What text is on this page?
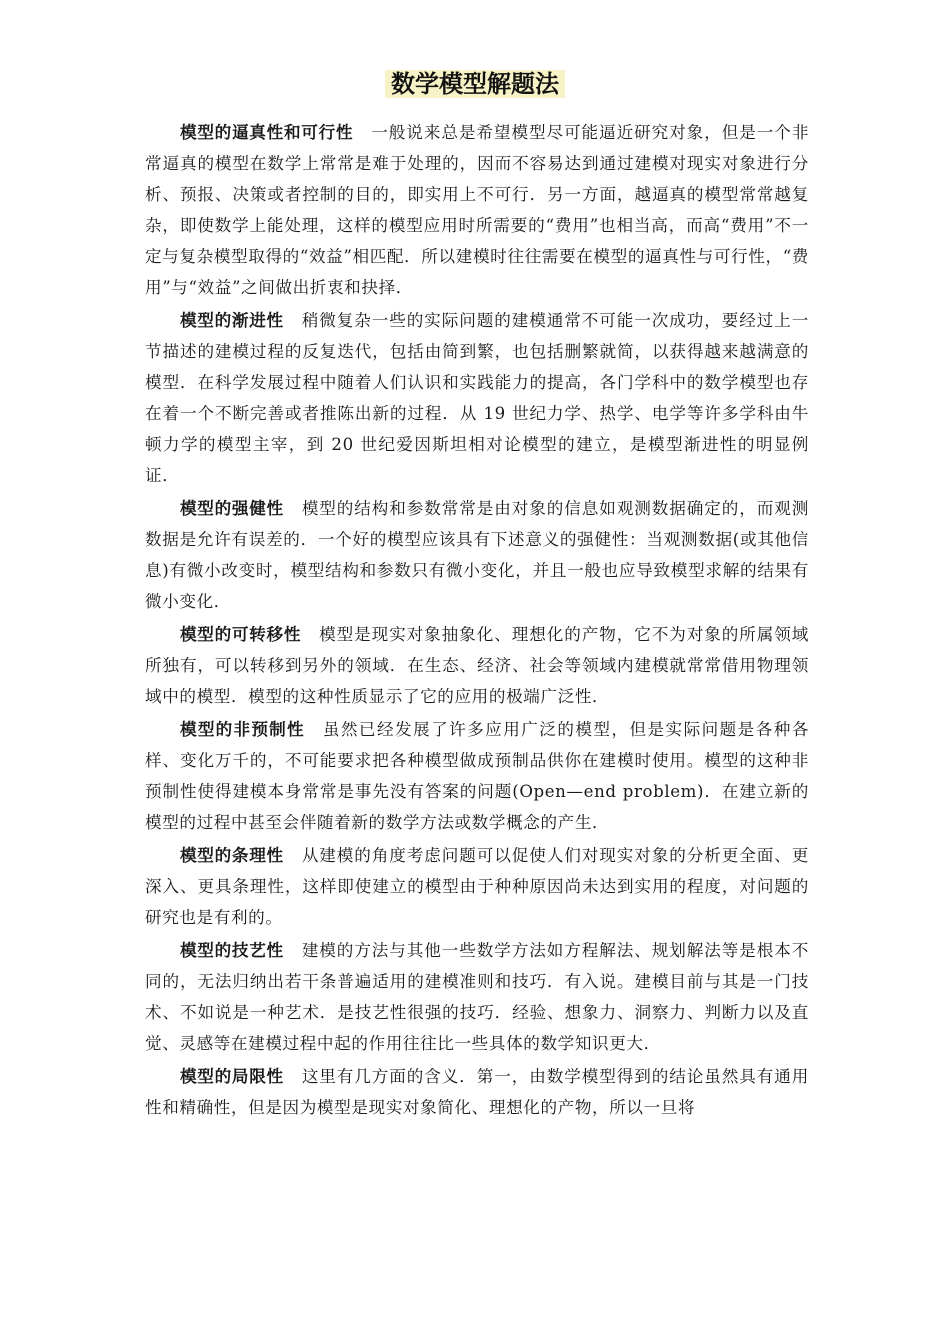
数学模型解题法

模型的逼真性和可行性 一般说来总是希望模型尽可能逼近研究对象，但是一个非常逼真的模型在数学上常常是难于处理的，因而不容易达到通过建模对现实对象进行分析、预报、决策或者控制的目的，即实用上不可行．另一方面，越逼真的模型常常越复杂，即使数学上能处理，这样的模型应用时所需要的“费用”也相当高，而高“费用”不一定与复杂模型取得的“效益”相匹配．所以建模时往往需要在模型的逼真性与可行性，“费用”与“效益”之间做出折衷和抉择．

模型的渐进性 稍微复杂一些的实际问题的建模通常不可能一次成功，要经过上一节描述的建模过程的反复迭代，包括由简到繁，也包括删繁就简，以获得越来越满意的模型．在科学发展过程中随着人们认识和实践能力的提高，各门学科中的数学模型也存在着一个不断完善或者推陈出新的过程．从 19 世纪力学、热学、电学等许多学科由牛顿力学的模型主宰，到 20 世纪爱因斯坦相对论模型的建立，是模型渐进性的明显例证．

模型的强健性 模型的结构和参数常常是由对象的信息如观测数据确定的，而观测数据是允许有误差的．一个好的模型应该具有下述意义的强健性：当观测数据(或其他信息)有微小改变时，模型结构和参数只有微小变化，并且一般也应导致模型求解的结果有微小变化．

模型的可转移性 模型是现实对象抽象化、理想化的产物，它不为对象的所属领域所独有，可以转移到另外的领域．在生态、经济、社会等领域内建模就常常借用物理领域中的模型．模型的这种性质显示了它的应用的极端广泛性．

模型的非预制性 虽然已经发展了许多应用广泛的模型，但是实际问题是各种各样、变化万千的，不可能要求把各种模型做成预制品供你在建模时使用。模型的这种非预制性使得建模本身常常是事先没有答案的问题(Open—end problem)．在建立新的模型的过程中甚至会伴随着新的数学方法或数学概念的产生．

模型的条理性 从建模的角度考虑问题可以促使人们对现实对象的分析更全面、更深入、更具条理性，这样即使建立的模型由于种种原因尚未达到实用的程度，对问题的研究也是有利的。

模型的技艺性 建模的方法与其他一些数学方法如方程解法、规划解法等是根本不同的，无法归纳出若干条普遍适用的建模准则和技巧．有入说。建模目前与其是一门技术、不如说是一种艺术．是技艺性很强的技巧．经验、想象力、洞察力、判断力以及直觉、灵感等在建模过程中起的作用往往比一些具体的数学知识更大．

模型的局限性 这里有几方面的含义．第一，由数学模型得到的结论虽然具有通用性和精确性，但是因为模型是现实对象简化、理想化的产物，所以一旦将
